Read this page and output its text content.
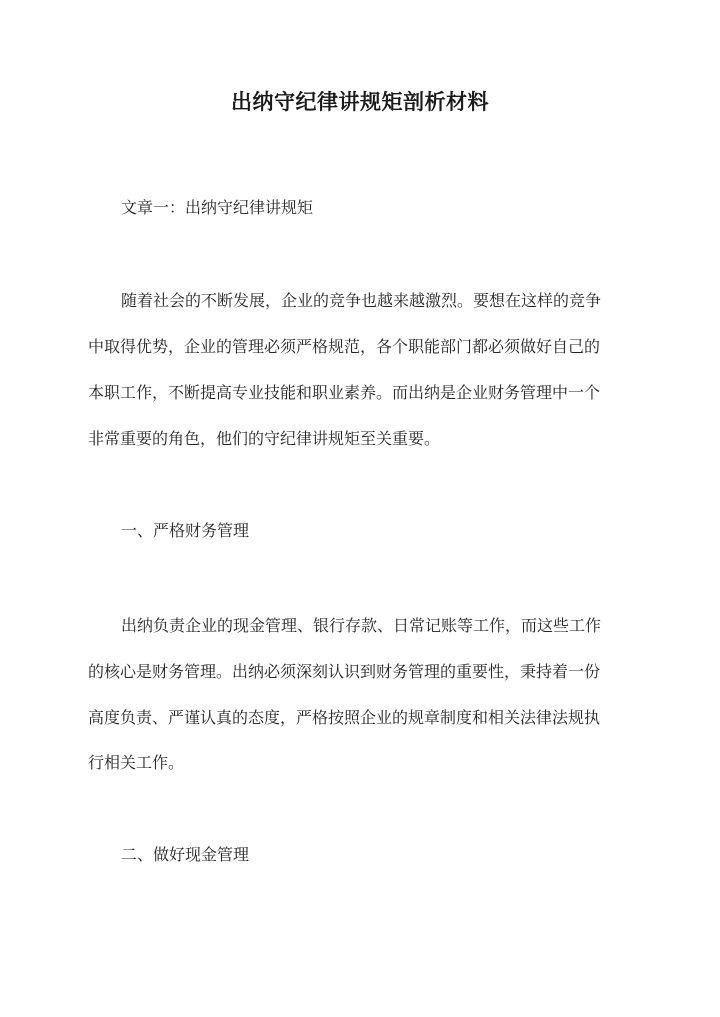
出纳守纪律讲规矩剖析材料
文章一：出纳守纪律讲规矩
随着社会的不断发展，企业的竞争也越来越激烈。要想在这样的竞争
中取得优势，企业的管理必须严格规范，各个职能部门都必须做好自己的
本职工作，不断提高专业技能和职业素养。而出纳是企业财务管理中一个
非常重要的角色，他们的守纪律讲规矩至关重要。
一、严格财务管理
出纳负责企业的现金管理、银行存款、日常记账等工作，而这些工作
的核心是财务管理。出纳必须深刻认识到财务管理的重要性，秉持着一份
高度负责、严谨认真的态度，严格按照企业的规章制度和相关法律法规执
行相关工作。
二、做好现金管理
